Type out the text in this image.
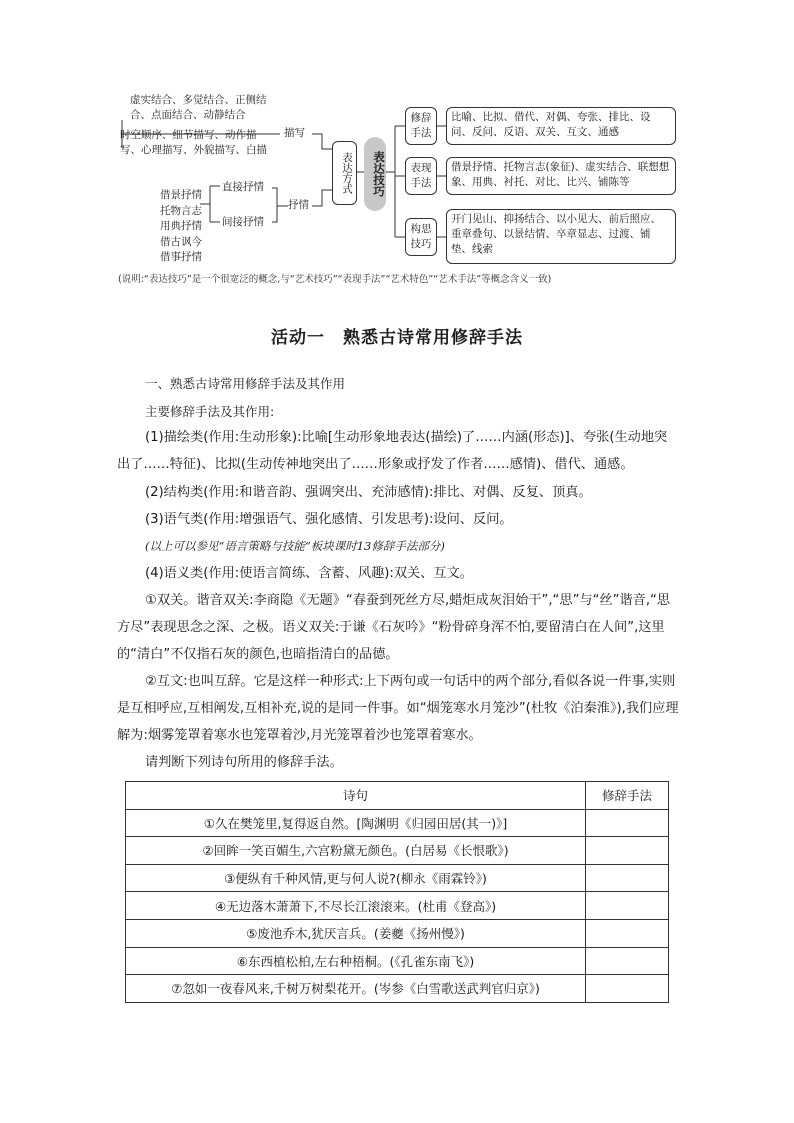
虚实结合、多觉结合、正侧结合、点面结合、动静结合
时空顺序、细节描写、动作描写、心理描写、外貌描写、白描
描写
借景抒情
托物言志
用典抒情
借古讽今
借事抒情
直接抒情
间接抒情
抒情
表达方式	表达技巧
修辞手法
比喻、比拟、借代、对偶、夸张、排比、设问、反问、反语、双关、互文、通感
表现手法
借景抒情、托物言志(象征)、虚实结合、联想想象、用典、衬托、对比、比兴、铺陈等
构思技巧
开门见山、抑扬结合、以小见大、前后照应、重章叠句、以景结情、卒章显志、过渡、铺垫、线索
(说明:“表达技巧”是一个很宽泛的概念,与“艺术技巧”“表现手法”“艺术特色”“艺术手法”等概念含义一致)
活动一　熟悉古诗常用修辞手法
一、熟悉古诗常用修辞手法及其作用
主要修辞手法及其作用:
(1)描绘类(作用:生动形象):比喻[生动形象地表达(描绘)了……内涵(形态)]、夸张(生动地突出了……特征)、比拟(生动传神地突出了……形象或抒发了作者……感情)、借代、通感。
(2)结构类(作用:和谐音韵、强调突出、充沛感情):排比、对偶、反复、顶真。
(3)语气类(作用:增强语气、强化感情、引发思考):设问、反问。
(以上可以参见“语言策略与技能”板块课时13修辞手法部分)
(4)语义类(作用:使语言简练、含蓄、风趣):双关、互文。
①双关。谐音双关:李商隐《无题》“春蚕到死丝方尽,蜡炬成灰泪始干”,“思”与“丝”谐音,“思方尽”表现思念之深、之极。语义双关:于谦《石灰吟》“粉骨碎身浑不怕,要留清白在人间”,这里的“清白”不仅指石灰的颜色,也暗指清白的品德。
②互文:也叫互辞。它是这样一种形式:上下两句或一句话中的两个部分,看似各说一件事,实则是互相呼应,互相阐发,互相补充,说的是同一件事。如“烟笼寒水月笼沙”(杜牧《泊秦淮》),我们应理解为:烟雾笼罩着寒水也笼罩着沙,月光笼罩着沙也笼罩着寒水。
请判断下列诗句所用的修辞手法。
诗句	修辞手法
①久在樊笼里,复得返自然。[陶渊明《归园田居(其一)》]	
②回眸一笑百媚生,六宫粉黛无颜色。(白居易《长恨歌》)	
③便纵有千种风情,更与何人说?(柳永《雨霖铃》)	
④无边落木萧萧下,不尽长江滚滚来。(杜甫《登高》)	
⑤废池乔木,犹厌言兵。(姜夔《扬州慢》)	
⑥东西植松柏,左右种梧桐。(《孔雀东南飞》)	
⑦忽如一夜春风来,千树万树梨花开。(岑参《白雪歌送武判官归京》)	
